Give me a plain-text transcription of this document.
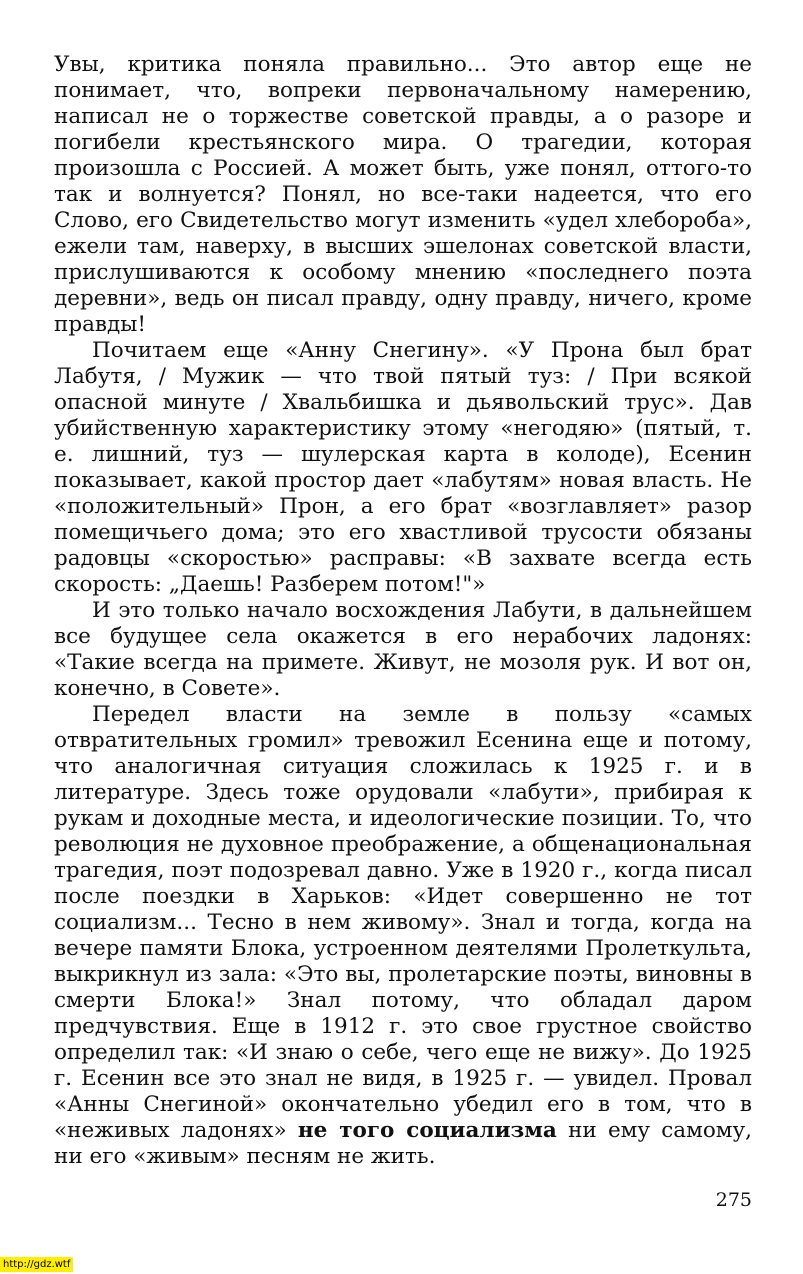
Увы, критика поняла правильно... Это автор еще не понимает, что, вопреки первоначальному намерению, написал не о торжестве советской правды, а о разоре и погибели крестьянского мира. О трагедии, которая произошла с Россией. А может быть, уже понял, оттого-то так и волнуется? Понял, но все-таки надеется, что его Слово, его Свидетельство могут изменить «удел хлебороба», ежели там, наверху, в высших эшелонах советской власти, прислушиваются к особому мнению «последнего поэта деревни», ведь он писал правду, одну правду, ничего, кроме правды!

Почитаем еще «Анну Снегину». «У Прона был брат Лабутя, / Мужик — что твой пятый туз: / При всякой опасной минуте / Хвальбишка и дьявольский трус». Дав убийственную характеристику этому «негодяю» (пятый, т. е. лишний, туз — шулерская карта в колоде), Есенин показывает, какой простор дает «лабутям» новая власть. Не «положительный» Прон, а его брат «возглавляет» разор помещичьего дома; это его хвастливой трусости обязаны радовцы «скоростью» расправы: «В захвате всегда есть скорость: „Даешь! Разберем потом!"»

И это только начало восхождения Лабути, в дальнейшем все будущее села окажется в его нерабочих ладонях: «Такие всегда на примете. Живут, не мозоля рук. И вот он, конечно, в Совете».

Передел власти на земле в пользу «самых отвратительных громил» тревожил Есенина еще и потому, что аналогичная ситуация сложилась к 1925 г. и в литературе. Здесь тоже орудовали «лабути», прибирая к рукам и доходные места, и идеологические позиции. То, что революция не духовное преображение, а общенациональная трагедия, поэт подозревал давно. Уже в 1920 г., когда писал после поездки в Харьков: «Идет совершенно не тот социализм... Тесно в нем живому». Знал и тогда, когда на вечере памяти Блока, устроенном деятелями Пролеткульта, выкрикнул из зала: «Это вы, пролетарские поэты, виновны в смерти Блока!» Знал потому, что обладал даром предчувствия. Еще в 1912 г. это свое грустное свойство определил так: «И знаю о себе, чего еще не вижу». До 1925 г. Есенин все это знал не видя, в 1925 г. — увидел. Провал «Анны Снегиной» окончательно убедил его в том, что в «неживых ладонях» не того социализма ни ему самому, ни его «живым» песням не жить.

275
http://gdz.wtf
